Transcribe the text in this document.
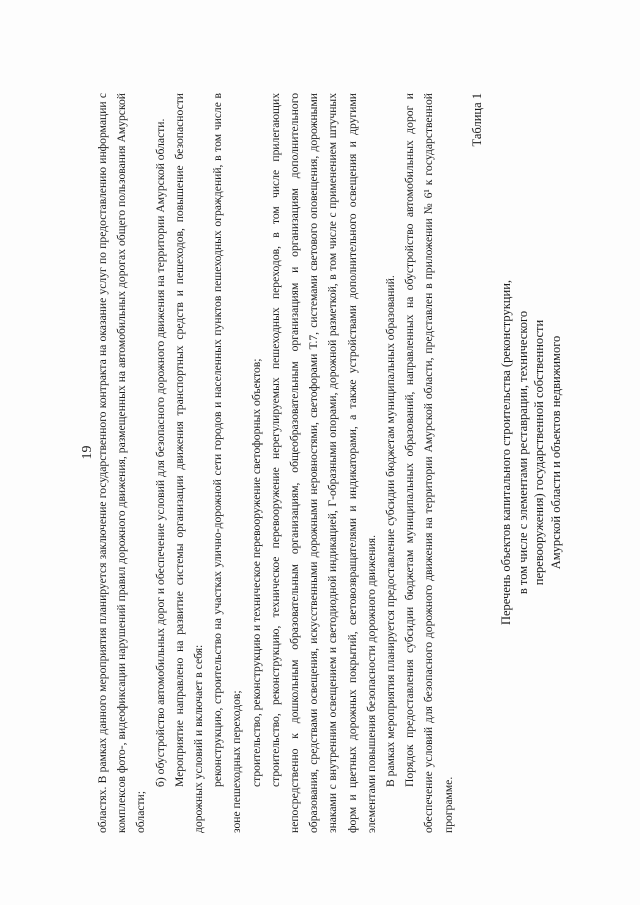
19 областях. В рамках данного мероприятия планируется заключение государственного контракта на оказание услуг по предоставлению информации с комплексов фото-, видеофиксации нарушений правил дорожного движения, размещенных на автомобильных дорогах общего пользования Амурской области;

б) обустройство автомобильных дорог и обеспечение условий для безопасного дорожного движения на территории Амурской области. Мероприятие направлено на развитие системы организации движения транспортных средств и пешеходов, повышение безопасности дорожных условий и включает в себя: реконструкцию, строительство на участках улично-дорожной сети городов и населенных пунктов пешеходных ограждений, в том числе в зоне пешеходных переходов; строительство, реконструкцию и техническое перевооружение светофорных объектов; строительство, реконструкцию, техническое перевооружение нерегулируемых пешеходных переходов, в том числе прилегающих непосредственно к дошкольным образовательным организациям, общеобразовательным организациям и организациям дополнительного образования, средствами освещения, искусственными дорожными неровностями, светофорами Т.7, системами светового оповещения, дорожными знаками с внутренним освещением и светодиодной индикацией, Г-образными опорами, дорожной разметкой, в том числе с применением штучных форм и цветных дорожных покрытий, световозвращателями и индикаторами, а также устройствами дополнительного освещения и другими элементами повышения безопасности дорожного движения. В рамках мероприятия планируется предоставление субсидии бюджетам муниципальных образований. Порядок предоставления субсидии бюджетам муниципальных образований, направленных на обустройство автомобильных дорог и обеспечение условий для безопасного дорожного движения на территории Амурской области, представлен в приложении № 6¹ к государственной программе.

Таблица 1
Перечень объектов капитального строительства (реконструкции, в том числе с элементами реставрации, технического перевооружения) государственной собственности Амурской области и объектов недвижимого
